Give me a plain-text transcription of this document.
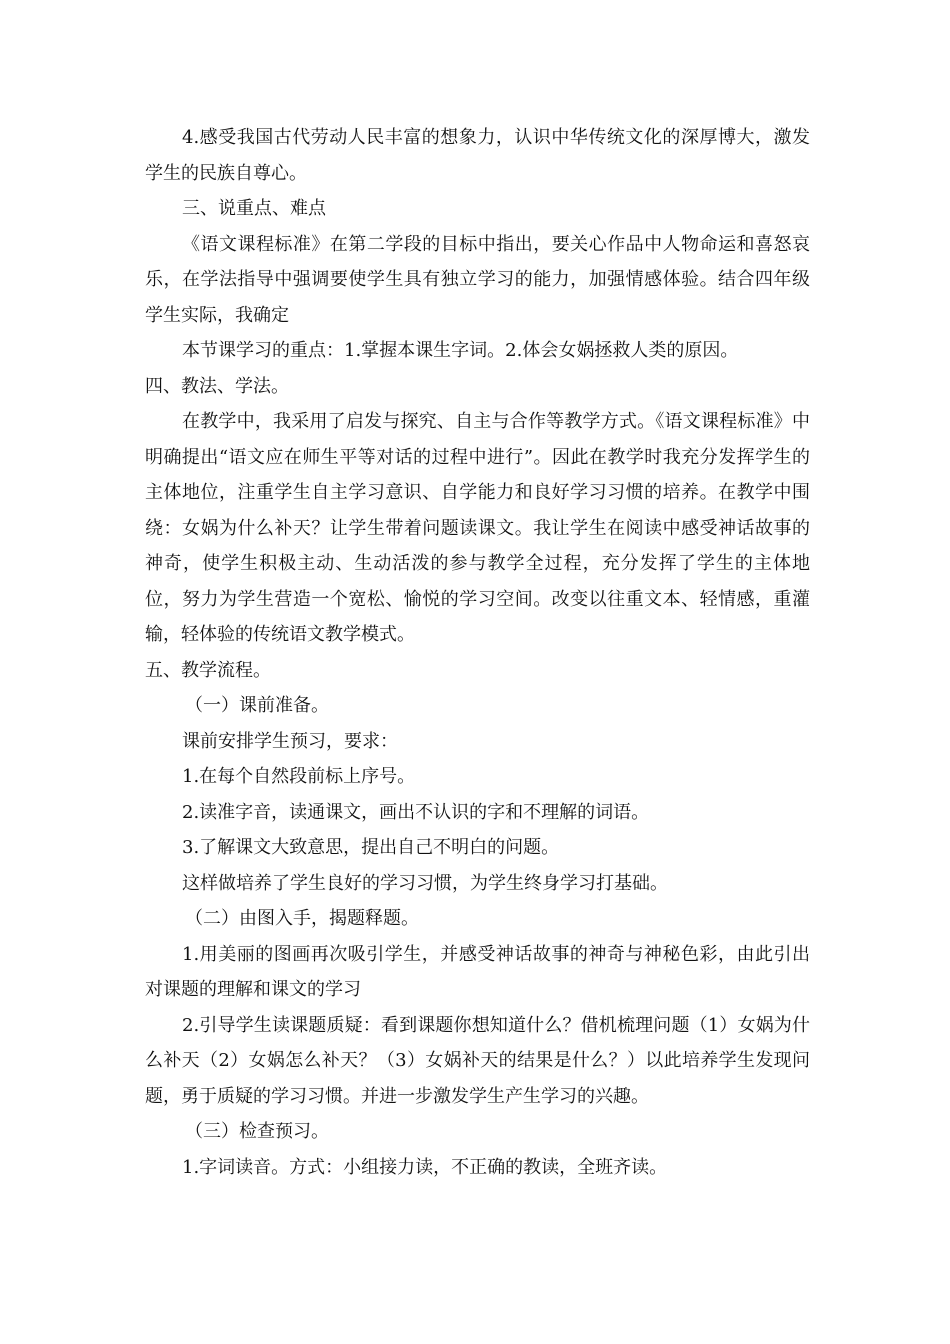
4.感受我国古代劳动人民丰富的想象力，认识中华传统文化的深厚博大，激发学生的民族自尊心。

三、说重点、难点

《语文课程标准》在第二学段的目标中指出，要关心作品中人物命运和喜怒哀乐，在学法指导中强调要使学生具有独立学习的能力，加强情感体验。结合四年级学生实际，我确定

本节课学习的重点：1.掌握本课生字词。2.体会女娲拯救人类的原因。

四、教法、学法。

在教学中，我采用了启发与探究、自主与合作等教学方式。《语文课程标准》中明确提出“语文应在师生平等对话的过程中进行”。因此在教学时我充分发挥学生的主体地位，注重学生自主学习意识、自学能力和良好学习习惯的培养。在教学中围绕：女娲为什么补天？让学生带着问题读课文。我让学生在阅读中感受神话故事的神奇，使学生积极主动、生动活泼的参与教学全过程，充分发挥了学生的主体地位，努力为学生营造一个宽松、愉悦的学习空间。改变以往重文本、轻情感，重灌输，轻体验的传统语文教学模式。

五、教学流程。

（一）课前准备。

课前安排学生预习，要求：

1.在每个自然段前标上序号。

2.读准字音，读通课文，画出不认识的字和不理解的词语。

3.了解课文大致意思，提出自己不明白的问题。

这样做培养了学生良好的学习习惯，为学生终身学习打基础。

（二）由图入手，揭题释题。

1.用美丽的图画再次吸引学生，并感受神话故事的神奇与神秘色彩，由此引出对课题的理解和课文的学习

2.引导学生读课题质疑：看到课题你想知道什么？借机梳理问题（1）女娲为什么补天（2）女娲怎么补天？（3）女娲补天的结果是什么？）以此培养学生发现问题，勇于质疑的学习习惯。并进一步激发学生产生学习的兴趣。

（三）检查预习。

1.字词读音。方式：小组接力读，不正确的教读，全班齐读。
